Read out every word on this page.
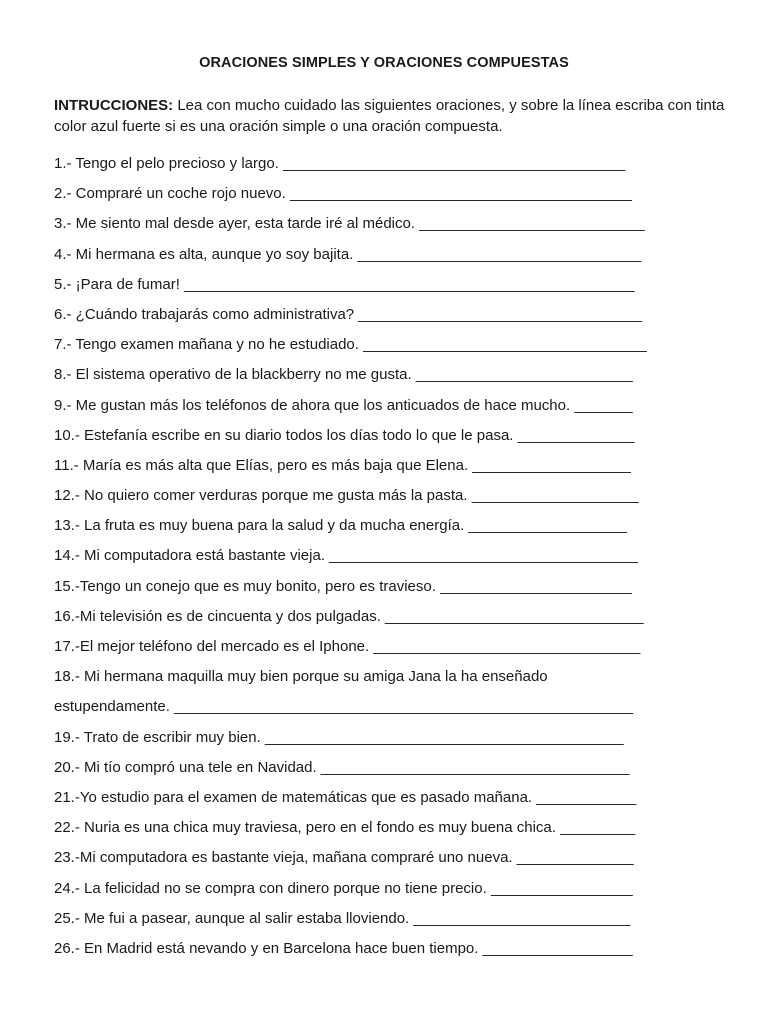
ORACIONES SIMPLES Y ORACIONES COMPUESTAS
INTRUCCIONES: Lea con mucho cuidado las siguientes oraciones, y sobre la línea escriba con tinta color azul fuerte si es una oración simple o una oración compuesta.
1.- Tengo el pelo precioso y largo. _________________________________________
2.- Compraré un coche rojo nuevo. _________________________________________
3.- Me siento mal desde ayer, esta tarde iré al médico. ___________________________
4.- Mi hermana es alta, aunque yo soy bajita. __________________________________
5.- ¡Para de fumar! ______________________________________________________
6.- ¿Cuándo trabajarás como administrativa? __________________________________
7.- Tengo examen mañana y no he estudiado. __________________________________
8.- El sistema operativo de la blackberry no me gusta. __________________________
9.- Me gustan más los teléfonos de ahora que los anticuados de hace mucho. _______
10.- Estefanía escribe en su diario todos los días todo lo que le pasa. ______________
11.- María es más alta que Elías, pero es más baja que Elena. ___________________
12.- No quiero comer verduras porque me gusta más la pasta. ____________________
13.- La fruta es muy buena para la salud y da mucha energía. ___________________
14.- Mi computadora está bastante vieja. _____________________________________
15.-Tengo un conejo que es muy bonito, pero es travieso. _______________________
16.-Mi televisión es de cincuenta y dos pulgadas. _______________________________
17.-El mejor teléfono del mercado es el Iphone. ________________________________
18.- Mi hermana maquilla muy bien porque su amiga Jana la ha enseñado
estupendamente. _______________________________________________________
19.- Trato de escribir muy bien. ___________________________________________
20.- Mi tío compró una tele en Navidad. _____________________________________
21.-Yo estudio para el examen de matemáticas que es pasado mañana. ____________
22.- Nuria es una chica muy traviesa, pero en el fondo es muy buena chica. _________
23.-Mi computadora es bastante vieja, mañana compraré uno nueva. ______________
24.- La felicidad no se compra con dinero porque no tiene precio. _________________
25.- Me fui a pasear, aunque al salir estaba lloviendo. __________________________
26.- En Madrid está nevando y en Barcelona hace buen tiempo. __________________
